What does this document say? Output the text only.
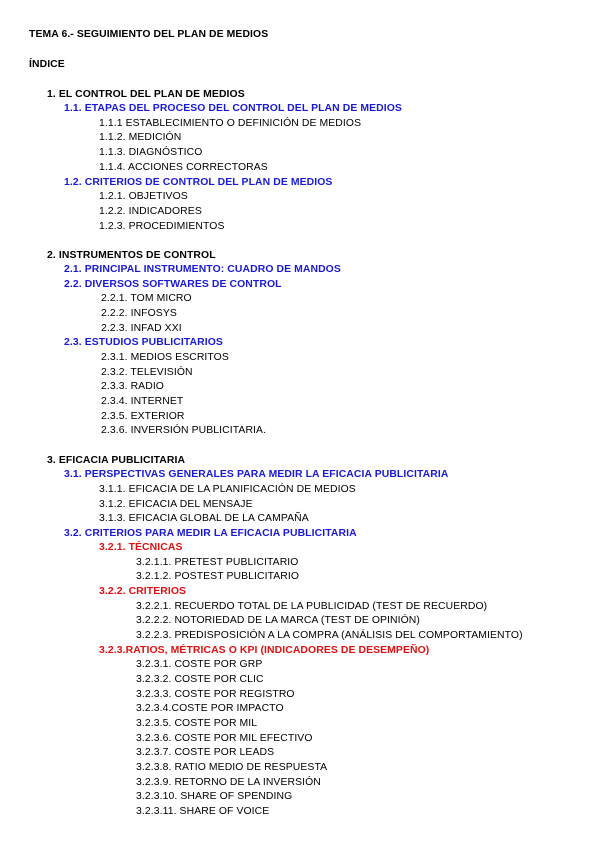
TEMA 6.- SEGUIMIENTO DEL PLAN DE MEDIOS
ÍNDICE
1. EL CONTROL DEL PLAN DE MEDIOS
1.1. ETAPAS DEL PROCESO DEL CONTROL DEL PLAN DE MEDIOS
1.1.1 ESTABLECIMIENTO O DEFINICIÓN DE MEDIOS
1.1.2. MEDICIÓN
1.1.3. DIAGNÓSTICO
1.1.4. ACCIONES CORRECTORAS
1.2. CRITERIOS DE CONTROL DEL PLAN DE MEDIOS
1.2.1. OBJETIVOS
1.2.2. INDICADORES
1.2.3. PROCEDIMIENTOS
2. INSTRUMENTOS DE CONTROL
2.1. PRINCIPAL INSTRUMENTO: CUADRO DE MANDOS
2.2. DIVERSOS SOFTWARES DE CONTROL
2.2.1. TOM MICRO
2.2.2. INFOSYS
2.2.3. INFAD XXI
2.3. ESTUDIOS PUBLICITARIOS
2.3.1. MEDIOS ESCRITOS
2.3.2. TELEVISIÓN
2.3.3. RADIO
2.3.4. INTERNET
2.3.5. EXTERIOR
2.3.6. INVERSIÓN PUBLICITARIA.
3. EFICACIA PUBLICITARIA
3.1. PERSPECTIVAS GENERALES PARA MEDIR LA EFICACIA PUBLICITARIA
3.1.1. EFICACIA DE LA PLANIFICACIÓN DE MEDIOS
3.1.2. EFICACIA DEL MENSAJE
3.1.3. EFICACIA GLOBAL DE LA CAMPAÑA
3.2. CRITERIOS PARA MEDIR LA EFICACIA PUBLICITARIA
3.2.1. TÉCNICAS
3.2.1.1. PRETEST PUBLICITARIO
3.2.1.2. POSTEST PUBLICITARIO
3.2.2. CRITERIOS
3.2.2.1. RECUERDO TOTAL DE LA PUBLICIDAD (TEST DE RECUERDO)
3.2.2.2. NOTORIEDAD DE LA MARCA (TEST DE OPINIÓN)
3.2.2.3. PREDISPOSICIÓN A LA COMPRA (ANÁLISIS DEL COMPORTAMIENTO)
3.2.3.RATIOS, MÉTRICAS O KPI (INDICADORES DE DESEMPEÑO)
3.2.3.1. COSTE POR GRP
3.2.3.2. COSTE POR CLIC
3.2.3.3. COSTE POR REGISTRO
3.2.3.4.COSTE POR IMPACTO
3.2.3.5. COSTE POR MIL
3.2.3.6. COSTE POR MIL EFECTIVO
3.2.3.7. COSTE POR LEADS
3.2.3.8. RATIO MEDIO DE RESPUESTA
3.2.3.9. RETORNO DE LA INVERSIÓN
3.2.3.10. SHARE OF SPENDING
3.2.3.11. SHARE OF VOICE
